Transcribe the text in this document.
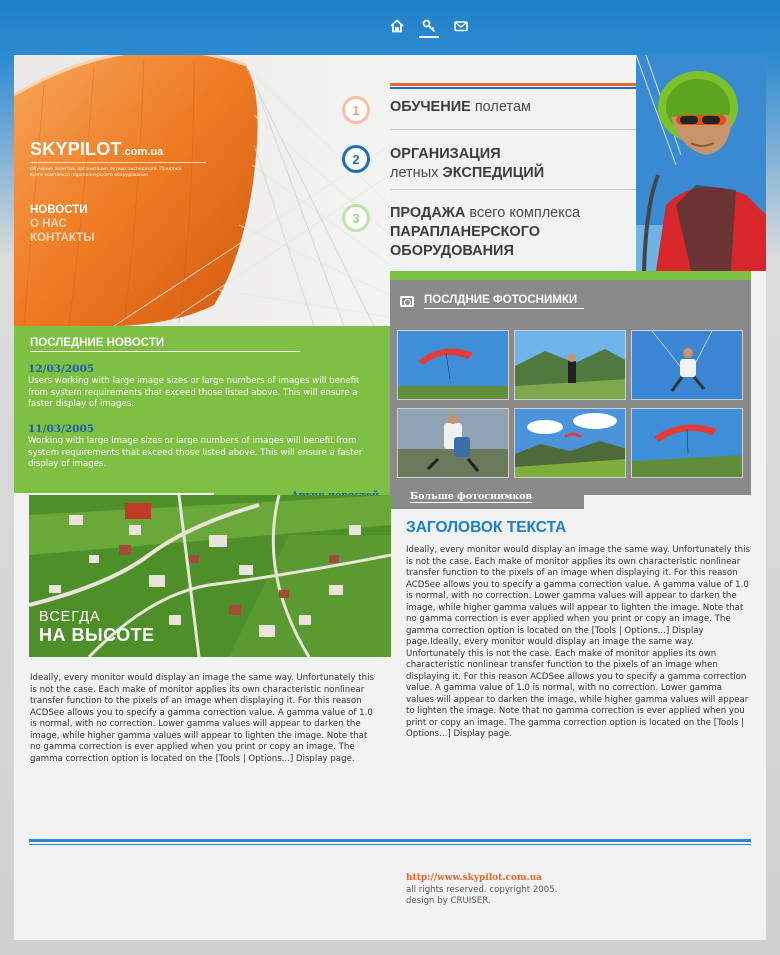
SKYPILOT.com.ua
Обучение полетам, организация летных экспедиций. Продажа всего комплекса парапланерского оборудования
НОВОСТИ
О НАС
КОНТАКТЫ
1	ОБУЧЕНИЕ полетам
2	ОРГАНИЗАЦИЯ
летных ЭКСПЕДИЦИЙ
3	ПРОДАЖА всего комплекса
ПАРАПЛАНЕРСКОГО
ОБОРУДОВАНИЯ
ПОСЛДНИЕ ФОТОСНИМКИ
Больше фотоснимков
ПОСЛЕДНИЕ НОВОСТИ
12/03/2005
Users working with large image sizes or large numbers of images will benefit from system requirements that exceed those listed above. This will ensure a faster display of images.
11/03/2005
Working with large image sizes or large numbers of images will benefit from system requirements that exceed those listed above. This will ensure a faster display of images.
ВСЕГДА
НА ВЫСОТЕ
Ideally, every monitor would display an image the same way. Unfortunately this is not the case. Each make of monitor applies its own characteristic nonlinear transfer function to the pixels of an image when displaying it. For this reason ACDSee allows you to specify a gamma correction value. A gamma value of 1.0 is normal, with no correction. Lower gamma values will appear to darken the image, while higher gamma values will appear to lighten the image. Note that no gamma correction is ever applied when you print or copy an image. The gamma correction option is located on the [Tools | Options...] Display page.
ЗАГОЛОВОК ТЕКСТА
Ideally, every monitor would display an image the same way. Unfortunately this is not the case. Each make of monitor applies its own characteristic nonlinear transfer function to the pixels of an image when displaying it. For this reason ACDSee allows you to specify a gamma correction value. A gamma value of 1.0 is normal, with no correction. Lower gamma values will appear to darken the image, while higher gamma values will appear to lighten the image. Note that no gamma correction is ever applied when you print or copy an image. The gamma correction option is located on the [Tools | Options...] Display page.Ideally, every monitor would display an image the same way. Unfortunately this is not the case. Each make of monitor applies its own characteristic nonlinear transfer function to the pixels of an image when displaying it. For this reason ACDSee allows you to specify a gamma correction value. A gamma value of 1.0 is normal, with no correction. Lower gamma values will appear to darken the image, while higher gamma values will appear to lighten the image. Note that no gamma correction is ever applied when you print or copy an image. The gamma correction option is located on the [Tools | Options...] Display page.
http://www.skypilot.com.ua
all rights reserved. copyright 2005.
design by CRUISER.
